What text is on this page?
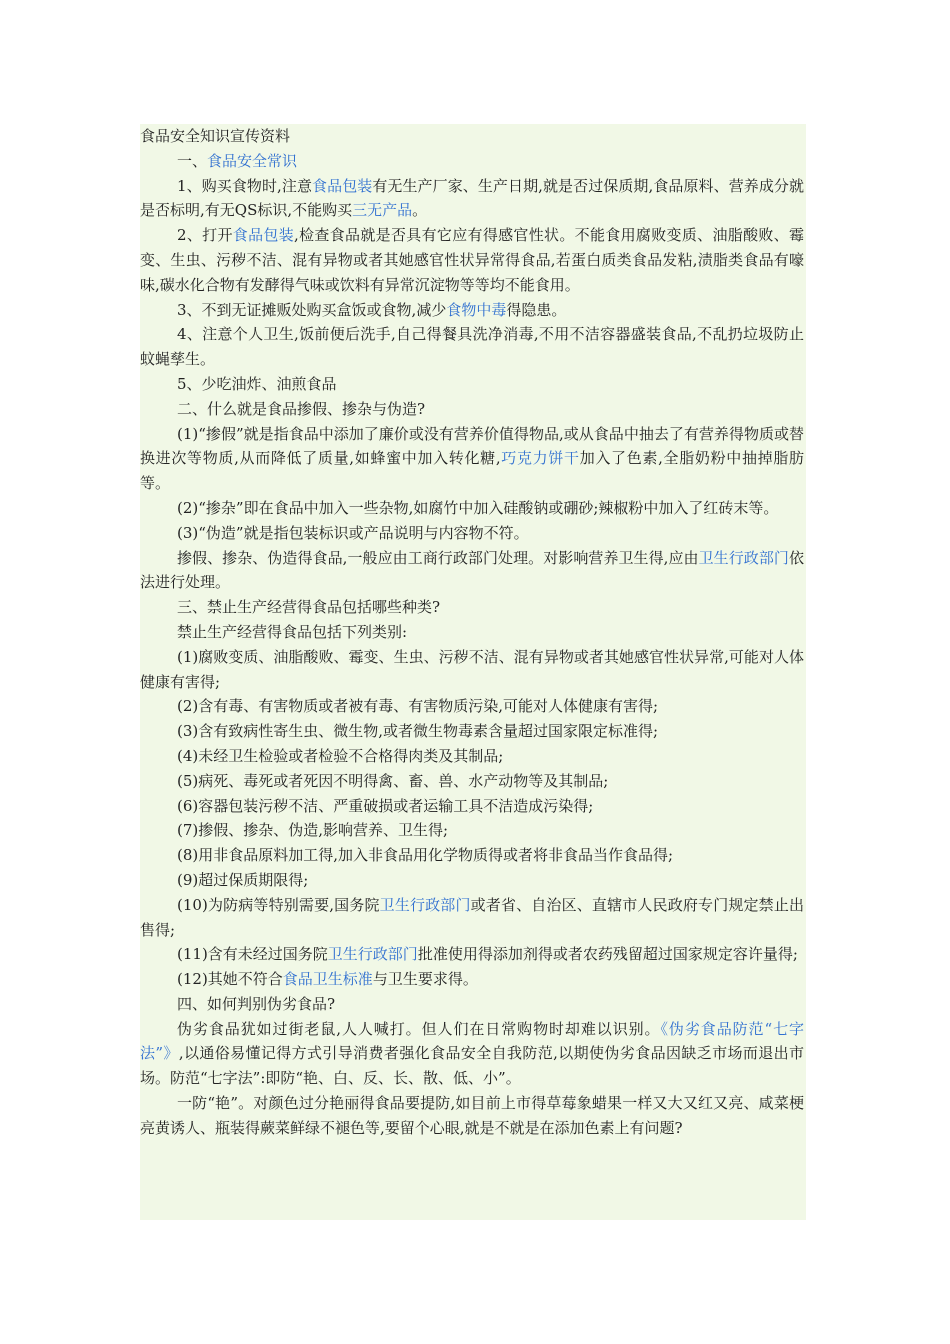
食品安全知识宣传资料

一、食品安全常识

1、购买食物时,注意食品包装有无生产厂家、生产日期,就是否过保质期,食品原料、营养成分就是否标明,有无QS标识,不能购买三无产品。

2、打开食品包装,检查食品就是否具有它应有得感官性状。不能食用腐败变质、油脂酸败、霉变、生虫、污秽不洁、混有异物或者其她感官性状异常得食品,若蛋白质类食品发粘,渍脂类食品有嚎味,碳水化合物有发酵得气味或饮料有异常沉淀物等等均不能食用。

3、不到无证摊贩处购买盒饭或食物,减少食物中毒得隐患。

4、注意个人卫生,饭前便后洗手,自己得餐具洗净消毒,不用不洁容器盛装食品,不乱扔垃圾防止蚊蝇孳生。

5、少吃油炸、油煎食品

二、什么就是食品掺假、掺杂与伪造?

(1)“掺假”就是指食品中添加了廉价或没有营养价值得物品,或从食品中抽去了有营养得物质或替换进次等物质,从而降低了质量,如蜂蜜中加入转化糖,巧克力饼干加入了色素,全脂奶粉中抽掉脂肪等。

(2)“掺杂”即在食品中加入一些杂物,如腐竹中加入硅酸钠或硼砂;辣椒粉中加入了红砖末等。

(3)“伪造”就是指包装标识或产品说明与内容物不符。

掺假、掺杂、伪造得食品,一般应由工商行政部门处理。对影响营养卫生得,应由卫生行政部门依法进行处理。

三、禁止生产经营得食品包括哪些种类?

禁止生产经营得食品包括下列类别:

(1)腐败变质、油脂酸败、霉变、生虫、污秽不洁、混有异物或者其她感官性状异常,可能对人体健康有害得;

(2)含有毒、有害物质或者被有毒、有害物质污染,可能对人体健康有害得;

(3)含有致病性寄生虫、微生物,或者微生物毒素含量超过国家限定标准得;

(4)未经卫生检验或者检验不合格得肉类及其制品;

(5)病死、毒死或者死因不明得禽、畜、兽、水产动物等及其制品;

(6)容器包装污秽不洁、严重破损或者运输工具不洁造成污染得;

(7)掺假、掺杂、伪造,影响营养、卫生得;

(8)用非食品原料加工得,加入非食品用化学物质得或者将非食品当作食品得;

(9)超过保质期限得;

(10)为防病等特别需要,国务院卫生行政部门或者省、自治区、直辖市人民政府专门规定禁止出售得;

(11)含有未经过国务院卫生行政部门批准使用得添加剂得或者农药残留超过国家规定容许量得;

(12)其她不符合食品卫生标准与卫生要求得。

四、如何判别伪劣食品?

伪劣食品犹如过街老鼠,人人喊打。但人们在日常购物时却难以识别。《伪劣食品防范“七字法”》,以通俗易懂记得方式引导消费者强化食品安全自我防范,以期使伪劣食品因缺乏市场而退出市场。防范“七字法”:即防“艳、白、反、长、散、低、小”。

一防“艳”。对颜色过分艳丽得食品要提防,如目前上市得草莓象蜡果一样又大又红又亮、咸菜梗亮黄诱人、瓶装得蕨菜鲜绿不褪色等,要留个心眼,就是不就是在添加色素上有问题?
